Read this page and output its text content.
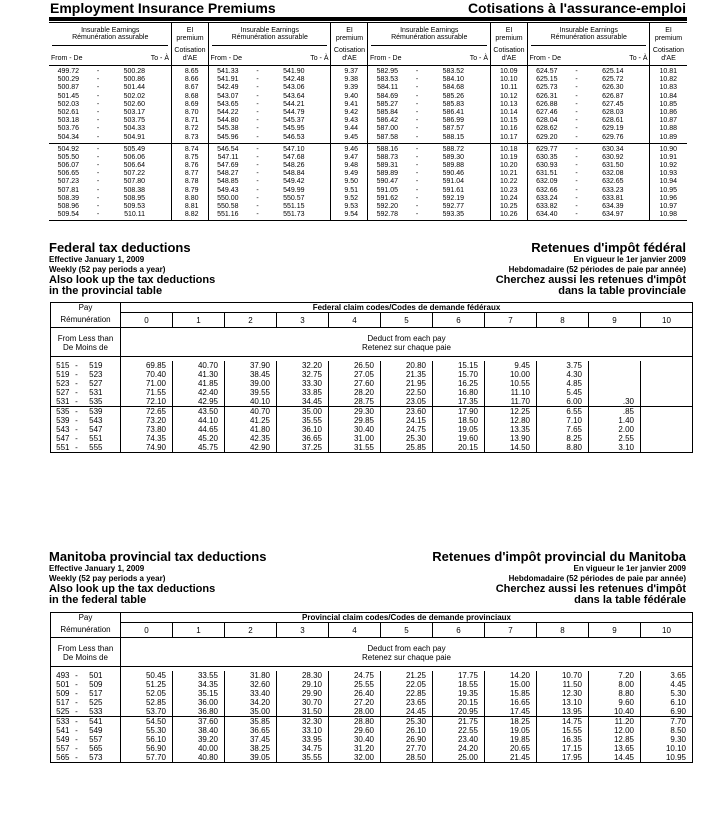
Employment Insurance Premiums	Cotisations à l'assurance-emploi
Insurable Earnings
Rémunération assurable
From - De	To - À
EI
premium
Cotisation
d'AE
Insurable Earnings
Rémunération assurable
From - De	To - À
EI
premium
Cotisation
d'AE
Insurable Earnings
Rémunération assurable
From - De	To - À
EI
premium
Cotisation
d'AE
Insurable Earnings
Rémunération assurable
From - De	To - À
EI
premium
Cotisation
d'AE
499.72	-	500.28	8.65	541.33	-	541.90	9.37	582.95	-	583.52	10.09	624.57	-	625.14	10.81
500.29	-	500.86	8.66	541.91	-	542.48	9.38	583.53	-	584.10	10.10	625.15	-	625.72	10.82
500.87	-	501.44	8.67	542.49	-	543.06	9.39	584.11	-	584.68	10.11	625.73	-	626.30	10.83
501.45	-	502.02	8.68	543.07	-	543.64	9.40	584.69	-	585.26	10.12	626.31	-	626.87	10.84
502.03	-	502.60	8.69	543.65	-	544.21	9.41	585.27	-	585.83	10.13	626.88	-	627.45	10.85
502.61	-	503.17	8.70	544.22	-	544.79	9.42	585.84	-	586.41	10.14	627.46	-	628.03	10.86
503.18	-	503.75	8.71	544.80	-	545.37	9.43	586.42	-	586.99	10.15	628.04	-	628.61	10.87
503.76	-	504.33	8.72	545.38	-	545.95	9.44	587.00	-	587.57	10.16	628.62	-	629.19	10.88
504.34	-	504.91	8.73	545.96	-	546.53	9.45	587.58	-	588.15	10.17	629.20	-	629.76	10.89
504.92	-	505.49	8.74	546.54	-	547.10	9.46	588.16	-	588.72	10.18	629.77	-	630.34	10.90
505.50	-	506.06	8.75	547.11	-	547.68	9.47	588.73	-	589.30	10.19	630.35	-	630.92	10.91
506.07	-	506.64	8.76	547.69	-	548.26	9.48	589.31	-	589.88	10.20	630.93	-	631.50	10.92
506.65	-	507.22	8.77	548.27	-	548.84	9.49	589.89	-	590.46	10.21	631.51	-	632.08	10.93
507.23	-	507.80	8.78	548.85	-	549.42	9.50	590.47	-	591.04	10.22	632.09	-	632.65	10.94
507.81	-	508.38	8.79	549.43	-	549.99	9.51	591.05	-	591.61	10.23	632.66	-	633.23	10.95
508.39	-	508.95	8.80	550.00	-	550.57	9.52	591.62	-	592.19	10.24	633.24	-	633.81	10.96
508.96	-	509.53	8.81	550.58	-	551.15	9.53	592.20	-	592.77	10.25	633.82	-	634.39	10.97
509.54	-	510.11	8.82	551.16	-	551.73	9.54	592.78	-	593.35	10.26	634.40	-	634.97	10.98
Federal tax deductions	Retenues d'impôt fédéral
Effective January 1, 2009	En vigueur le 1er janvier 2009
Weekly (52 pay periods a year)	Hebdomadaire (52 périodes de paie par année)
Also look up the tax deductions
in the provincial table
Cherchez aussi les retenues d'impôt
dans la table provinciale
Pay				Federal claim codes/Codes de demande fédéraux										
Rémunération				0	1	2	3	4	5	6	7	8	9	10
From Less than				Deduct from each pay										
De Moins de				Retenez sur chaque paie										

515	-	519		69.85	40.70	37.90	32.20	26.50	20.80	15.15	9.45	3.75		
519	-	523		70.40	41.30	38.45	32.75	27.05	21.35	15.70	10.00	4.30		
523	-	527		71.00	41.85	39.00	33.30	27.60	21.95	16.25	10.55	4.85		
527	-	531		71.55	42.40	39.55	33.85	28.20	22.50	16.80	11.10	5.45		
531	-	535		72.10	42.95	40.10	34.45	28.75	23.05	17.35	11.70	6.00	.30	
535	-	539		72.65	43.50	40.70	35.00	29.30	23.60	17.90	12.25	6.55	.85	
539	-	543		73.20	44.10	41.25	35.55	29.85	24.15	18.50	12.80	7.10	1.40	
543	-	547		73.80	44.65	41.80	36.10	30.40	24.75	19.05	13.35	7.65	2.00	
547	-	551		74.35	45.20	42.35	36.65	31.00	25.30	19.60	13.90	8.25	2.55	
551	-	555		74.90	45.75	42.90	37.25	31.55	25.85	20.15	14.50	8.80	3.10	
Manitoba provincial tax deductions	Retenues d'impôt provincial du Manitoba
Effective January 1, 2009	En vigueur le 1er janvier 2009
Weekly (52 pay periods a year)	Hebdomadaire (52 périodes de paie par année)
Also look up the tax deductions
in the federal table
Cherchez aussi les retenues d'impôt
dans la table fédérale
Pay				Provincial claim codes/Codes de demande provinciaux										
Rémunération				0	1	2	3	4	5	6	7	8	9	10
From Less than				Deduct from each pay										
De Moins de				Retenez sur chaque paie										

493	-	501		50.45	33.55	31.80	28.30	24.75	21.25	17.75	14.20	10.70	7.20	3.65
501	-	509		51.25	34.35	32.60	29.10	25.55	22.05	18.55	15.00	11.50	8.00	4.45
509	-	517		52.05	35.15	33.40	29.90	26.40	22.85	19.35	15.85	12.30	8.80	5.30
517	-	525		52.85	36.00	34.20	30.70	27.20	23.65	20.15	16.65	13.10	9.60	6.10
525	-	533		53.70	36.80	35.00	31.50	28.00	24.45	20.95	17.45	13.95	10.40	6.90
533	-	541		54.50	37.60	35.85	32.30	28.80	25.30	21.75	18.25	14.75	11.20	7.70
541	-	549		55.30	38.40	36.65	33.10	29.60	26.10	22.55	19.05	15.55	12.00	8.50
549	-	557		56.10	39.20	37.45	33.95	30.40	26.90	23.40	19.85	16.35	12.85	9.30
557	-	565		56.90	40.00	38.25	34.75	31.20	27.70	24.20	20.65	17.15	13.65	10.10
565	-	573		57.70	40.80	39.05	35.55	32.00	28.50	25.00	21.45	17.95	14.45	10.95
